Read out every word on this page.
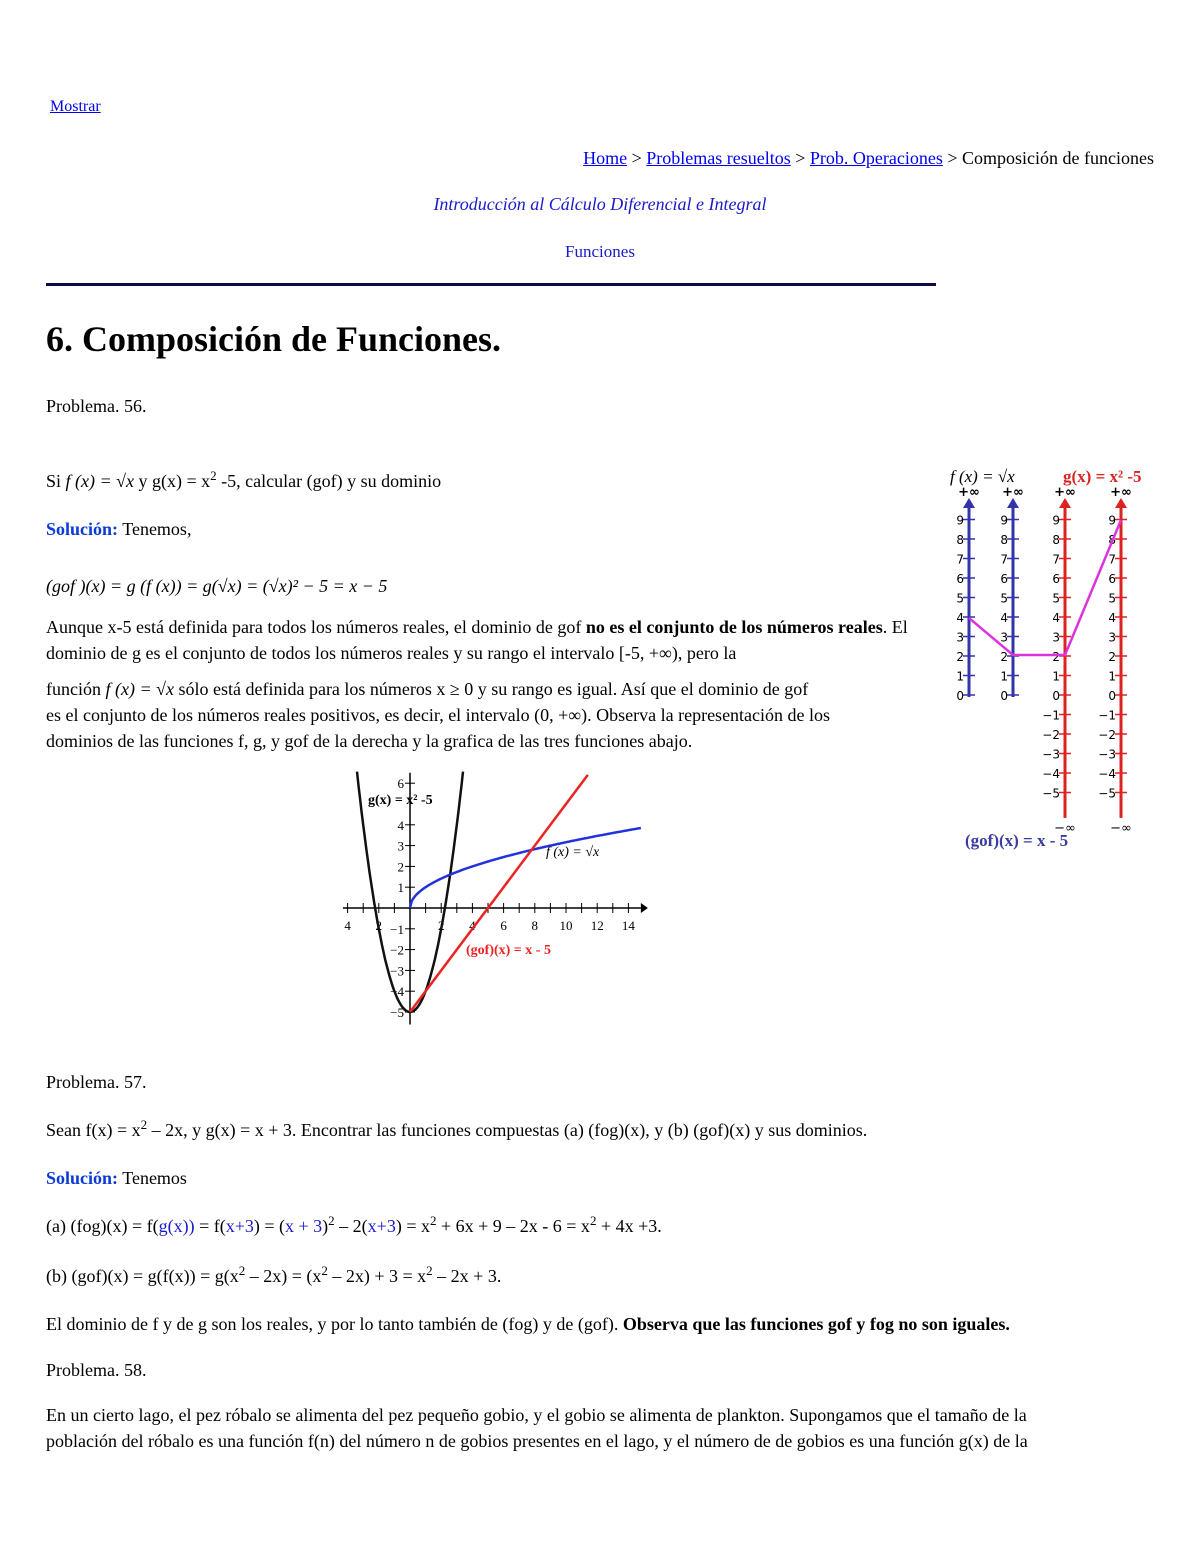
Mostrar
Home > Problemas resueltos > Prob. Operaciones > Composición de funciones
Introducción al Cálculo Diferencial e Integral
Funciones
6. Composición de Funciones.

Problema. 56.

Si f (x) = √x y $g(x) = x^2$ -5, calcular (gof) y su dominio

Solución: Tenemos,

(gof )(x) = g (f (x)) = g(√x) = (√x)² − 5 = x − 5

Aunque x-5 está definida para todos los números reales, el dominio de gof no es el conjunto de los números reales. El dominio de g es el conjunto de todos los números reales y su rango el intervalo [-5, +∞), pero la

función f (x) = √x sólo está definida para los números x ≥ 0 y su rango es igual. Así que el dominio de gof
es el conjunto de los números reales positivos, es decir, el intervalo (0, +∞). Observa la representación de los
dominios de las funciones f, g, y gof de la derecha y la grafica de las tres funciones abajo.

f (x) = √x	g(x) = x² -5
+∞
0
1
2
3
4
5
6
7
8
9
+∞
0
1
2
3
4
5
6
7
8
9
+∞
−∞
−5
−4
−3
−2
−1
0
1
2
3
4
5
6
7
8
9
+∞
−∞
−5
−4
−3
−2
−1
0
1
2
3
4
5
6
7
8
9
(gof)(x) = x - 5
4 2	2 4 6 8 10 12 14
6
4
3
2
1
−1
−2
−3
−4
−5
g(x) = x² -5
f (x) = √x
(gof)(x) = x - 5

Problema. 57.

Sean $f(x) = x^2 - 2x$, y g(x) = x + 3. Encontrar las funciones compuestas (a) (fog)(x), y (b) (gof)(x) y sus dominios.

Solución: Tenemos

(a) $(fog)(x) = f(g(x)) = f(x+3) = (x + 3)^2 - 2(x+3) = x^2 + 6x + 9 - 2x - 6 = x^2 + 4x +3$.

(b) $(gof)(x) = g(f(x)) = g(x^2 - 2x) = (x^2 - 2x) + 3 = x^2 - 2x + 3$.

El dominio de f y de g son los reales, y por lo tanto también de (fog) y de (gof). Observa que las funciones gof y fog no son iguales.

Problema. 58.

En un cierto lago, el pez róbalo se alimenta del pez pequeño gobio, y el gobio se alimenta de plankton. Supongamos que el tamaño de la
población del róbalo es una función f(n) del número n de gobios presentes en el lago, y el número de de gobios es una función g(x) de la
